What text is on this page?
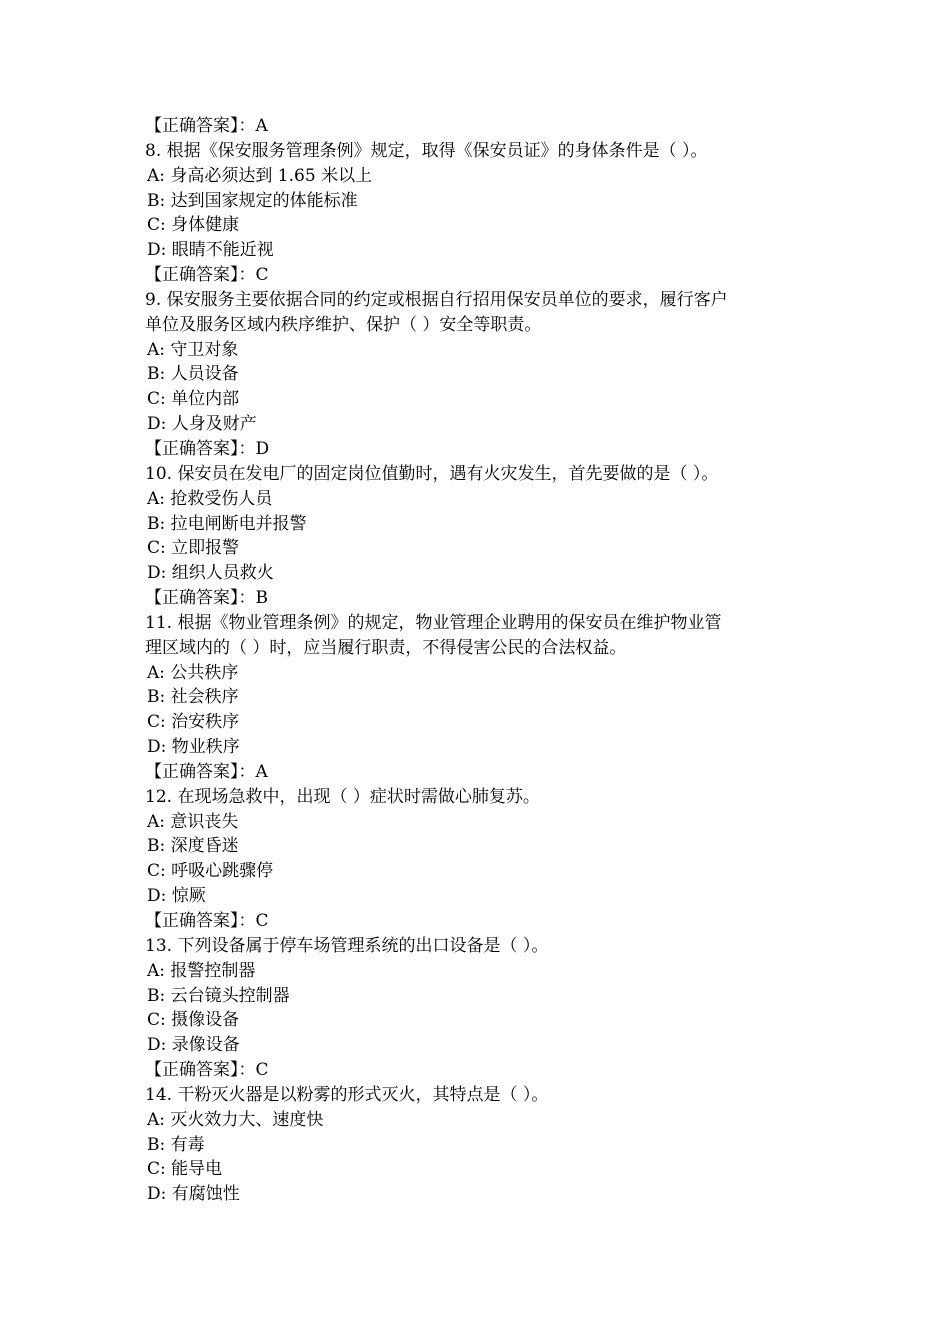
【正确答案】：A
8. 根据《保安服务管理条例》规定，取得《保安员证》的身体条件是（ ）。
A: 身高必须达到 1.65 米以上
B: 达到国家规定的体能标准
C: 身体健康
D: 眼睛不能近视
【正确答案】：C
9. 保安服务主要依据合同的约定或根据自行招用保安员单位的要求，履行客户
单位及服务区域内秩序维护、保护（ ）安全等职责。
A: 守卫对象
B: 人员设备
C: 单位内部
D: 人身及财产
【正确答案】：D
10. 保安员在发电厂的固定岗位值勤时，遇有火灾发生，首先要做的是（ ）。
A: 抢救受伤人员
B: 拉电闸断电并报警
C: 立即报警
D: 组织人员救火
【正确答案】：B
11. 根据《物业管理条例》的规定，物业管理企业聘用的保安员在维护物业管
理区域内的（ ）时，应当履行职责，不得侵害公民的合法权益。
A: 公共秩序
B: 社会秩序
C: 治安秩序
D: 物业秩序
【正确答案】：A
12. 在现场急救中，出现（ ）症状时需做心肺复苏。
A: 意识丧失
B: 深度昏迷
C: 呼吸心跳骤停
D: 惊厥
【正确答案】：C
13. 下列设备属于停车场管理系统的出口设备是（ ）。
A: 报警控制器
B: 云台镜头控制器
C: 摄像设备
D: 录像设备
【正确答案】：C
14. 干粉灭火器是以粉雾的形式灭火，其特点是（ ）。
A: 灭火效力大、速度快
B: 有毒
C: 能导电
D: 有腐蚀性
